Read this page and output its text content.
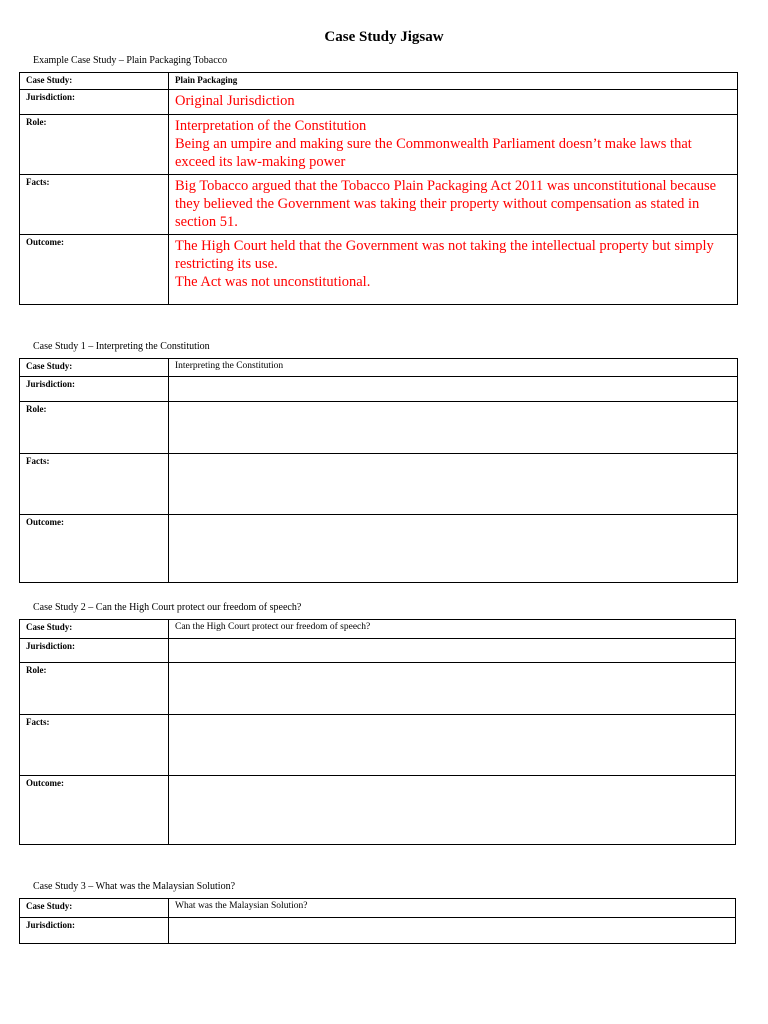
Case Study Jigsaw
Example Case Study – Plain Packaging Tobacco
Case Study:	Plain Packaging
Jurisdiction:	Original Jurisdiction
Role:	Interpretation of the Constitution
Being an umpire and making sure the Commonwealth Parliament doesn’t make laws that exceed its law-making power

Facts:	Big Tobacco argued that the Tobacco Plain Packaging Act 2011 was unconstitutional because they believed the Government was taking their property without compensation as stated in section 51.
Outcome:	The High Court held that the Government was not taking the intellectual property but simply restricting its use.
The Act was not unconstitutional.
Case Study 1 – Interpreting the Constitution
Case Study:	Interpreting the Constitution
Jurisdiction:	
Role:	
Facts:	
Outcome:	
Case Study 2 – Can the High Court protect our freedom of speech?
Case Study:	Can the High Court protect our freedom of speech?
Jurisdiction:	
Role:	
Facts:	
Outcome:	
Case Study 3 – What was the Malaysian Solution?
Case Study:	What was the Malaysian Solution?
Jurisdiction:	
